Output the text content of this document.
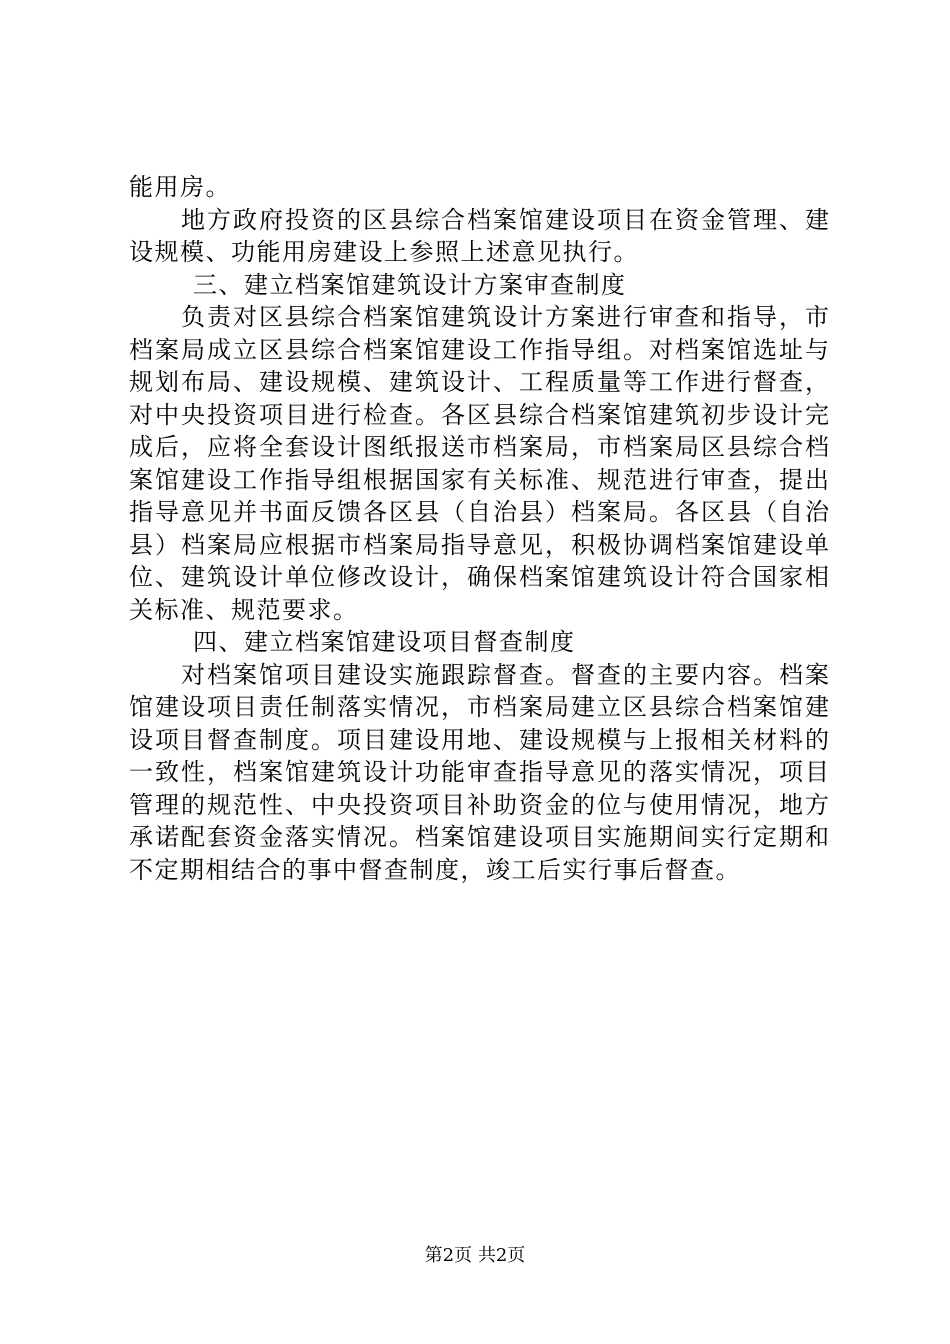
能用房。
地方政府投资的区县综合档案馆建设项目在资金管理、建
设规模、功能用房建设上参照上述意见执行。
三、建立档案馆建筑设计方案审查制度
负责对区县综合档案馆建筑设计方案进行审查和指导，市
档案局成立区县综合档案馆建设工作指导组。对档案馆选址与
规划布局、建设规模、建筑设计、工程质量等工作进行督查，
对中央投资项目进行检查。各区县综合档案馆建筑初步设计完
成后，应将全套设计图纸报送市档案局，市档案局区县综合档
案馆建设工作指导组根据国家有关标准、规范进行审查，提出
指导意见并书面反馈各区县（自治县）档案局。各区县（自治
县）档案局应根据市档案局指导意见，积极协调档案馆建设单
位、建筑设计单位修改设计，确保档案馆建筑设计符合国家相
关标准、规范要求。
四、建立档案馆建设项目督查制度
对档案馆项目建设实施跟踪督查。督查的主要内容。档案
馆建设项目责任制落实情况，市档案局建立区县综合档案馆建
设项目督查制度。项目建设用地、建设规模与上报相关材料的
一致性，档案馆建筑设计功能审查指导意见的落实情况，项目
管理的规范性、中央投资项目补助资金的位与使用情况，地方
承诺配套资金落实情况。档案馆建设项目实施期间实行定期和
不定期相结合的事中督查制度，竣工后实行事后督查。
第2页 共2页
